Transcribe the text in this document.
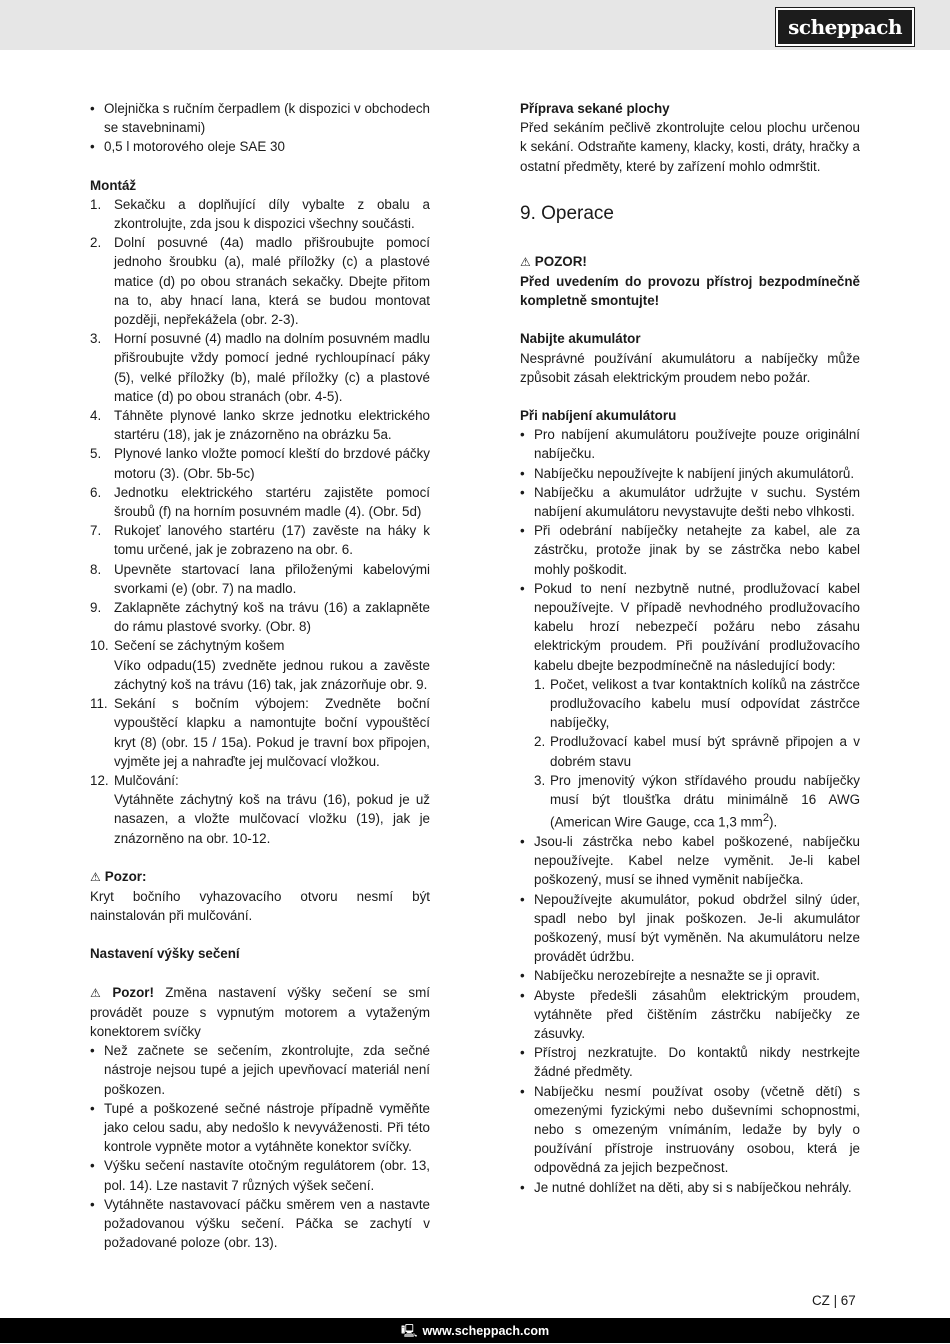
scheppach
• Olejnička s ručním čerpadlem (k dispozici v obchodech se stavebninami)
• 0,5 l motorového oleje SAE 30
Montáž
1. Sekačku a doplňující díly vybalte z obalu a zkontrolujte, zda jsou k dispozici všechny součásti.
2. Dolní posuvné (4a) madlo přišroubujte pomocí jednoho šroubku (a), malé příložky (c) a plastové matice (d) po obou stranách sekačky. Dbejte přitom na to, aby hnací lana, která se budou montovat později, nepřekážela (obr. 2-3).
3. Horní posuvné (4) madlo na dolním posuvném madlu přišroubujte vždy pomocí jedné rychloupínací páky (5), velké příložky (b), malé příložky (c) a plastové matice (d) po obou stranách (obr. 4-5).
4. Táhněte plynové lanko skrze jednotku elektrického startéru (18), jak je znázorněno na obrázku 5a.
5. Plynové lanko vložte pomocí kleští do brzdové páčky motoru (3). (Obr. 5b-5c)
6. Jednotku elektrického startéru zajistěte pomocí šroubů (f) na horním posuvném madle (4). (Obr. 5d)
7. Rukojeť lanového startéru (17) zavěste na háky k tomu určené, jak je zobrazeno na obr. 6.
8. Upevněte startovací lana přiloženými kabelovými svorkami (e) (obr. 7) na madlo.
9. Zaklapněte záchytný koš na trávu (16) a zaklapněte do rámu plastové svorky. (Obr. 8)
10. Sečení se záchytným košem
Víko odpadu(15) zvedněte jednou rukou a zavěste záchytný koš na trávu (16) tak, jak znázorňuje obr. 9.
11. Sekání s bočním výbojem: Zvedněte boční vypouštěcí klapku a namontujte boční vypouštěcí kryt (8) (obr. 15 / 15a). Pokud je travní box připojen, vyjměte jej a nahraďte jej mulčovací vložkou.
12. Mulčování:
Vytáhněte záchytný koš na trávu (16), pokud je už nasazen, a vložte mulčovací vložku (19), jak je znázorněno na obr. 10-12.

⚠ Pozor:

Kryt bočního vyhazovacího otvoru nesmí být nainstalován při mulčování.

Nastavení výšky sečení

⚠ Pozor! Změna nastavení výšky sečení se smí provádět pouze s vypnutým motorem a vytaženým konektorem svíčky

• Než začnete se sečením, zkontrolujte, zda sečné nástroje nejsou tupé a jejich upevňovací materiál není poškozen.
• Tupé a poškozené sečné nástroje případně vyměňte jako celou sadu, aby nedošlo k nevyváženosti. Při této kontrole vypněte motor a vytáhněte konektor svíčky.
• Výšku sečení nastavíte otočným regulátorem (obr. 13, pol. 14). Lze nastavit 7 různých výšek sečení.
• Vytáhněte nastavovací páčku směrem ven a nastavte požadovanou výšku sečení. Páčka se zachytí v požadované poloze (obr. 13).
Příprava sekané plochy

Před sekáním pečlivě zkontrolujte celou plochu určenou k sekání. Odstraňte kameny, klacky, kosti, dráty, hračky a ostatní předměty, které by zařízení mohlo odmrštit.

9. Operace

⚠ POZOR!

Před uvedením do provozu přístroj bezpodmínečně kompletně smontujte!

Nabijte akumulátor

Nesprávné používání akumulátoru a nabíječky může způsobit zásah elektrickým proudem nebo požár.

Při nabíjení akumulátoru
• Pro nabíjení akumulátoru používejte pouze originální nabíječku.
• Nabíječku nepoužívejte k nabíjení jiných akumulátorů.
• Nabíječku a akumulátor udržujte v suchu. Systém nabíjení akumulátoru nevystavujte dešti nebo vlhkosti.
• Při odebrání nabíječky netahejte za kabel, ale za zástrčku, protože jinak by se zástrčka nebo kabel mohly poškodit.
• Pokud to není nezbytně nutné, prodlužovací kabel nepoužívejte. V případě nevhodného prodlužovacího kabelu hrozí nebezpečí požáru nebo zásahu elektrickým proudem. Při používání prodlužovacího kabelu dbejte bezpodmínečně na následující body:
1. Počet, velikost a tvar kontaktních kolíků na zástrčce prodlužovacího kabelu musí odpovídat zástrčce nabíječky,
2. Prodlužovací kabel musí být správně připojen a v dobrém stavu
3. Pro jmenovitý výkon střídavého proudu nabíječky musí být tloušťka drátu minimálně 16 AWG (American Wire Gauge, cca 1,3 $mm^2$).
• Jsou-li zástrčka nebo kabel poškozené, nabíječku nepoužívejte. Kabel nelze vyměnit. Je-li kabel poškozený, musí se ihned vyměnit nabíječka.
• Nepoužívejte akumulátor, pokud obdržel silný úder, spadl nebo byl jinak poškozen. Je-li akumulátor poškozený, musí být vyměněn. Na akumulátoru nelze provádět údržbu.
• Nabíječku nerozebírejte a nesnažte se ji opravit.
• Abyste předešli zásahům elektrickým proudem, vytáhněte před čištěním zástrčku nabíječky ze zásuvky.
• Přístroj nezkratujte. Do kontaktů nikdy nestrkejte žádné předměty.
• Nabíječku nesmí používat osoby (včetně dětí) s omezenými fyzickými nebo duševními schopnostmi, nebo s omezeným vnímáním, ledaže by byly o používání přístroje instruovány osobou, která je odpovědná za jejich bezpečnost.
• Je nutné dohlížet na děti, aby si s nabíječkou nehrály.
CZ | 67
🖳 www.scheppach.com
